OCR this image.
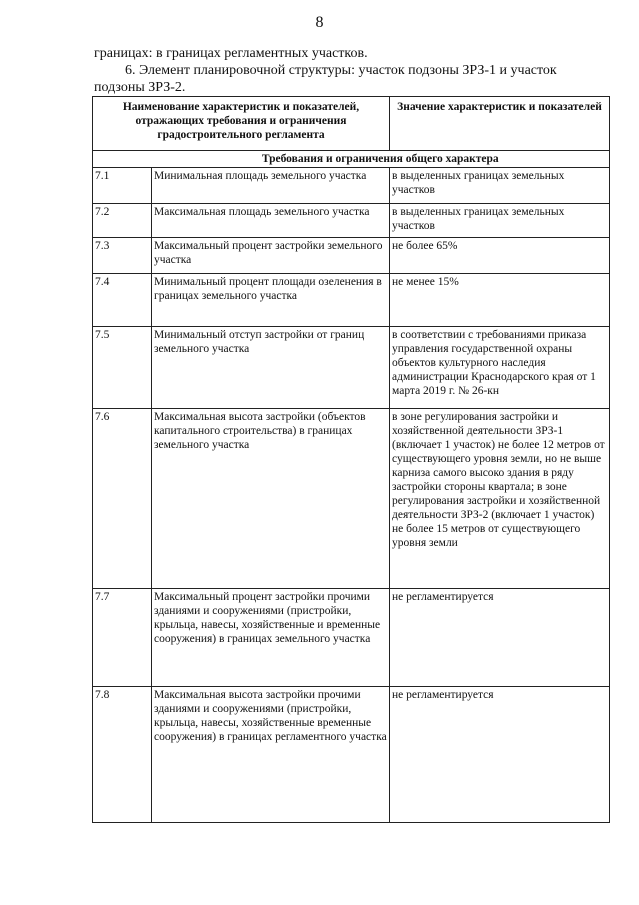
8
границах: в границах регламентных участков.
6. Элемент планировочной структуры: участок подзоны ЗРЗ-1 и участок
подзоны ЗРЗ-2.
Наименование характеристик и показателей, отражающих требования и ограничения градостроительного регламента		Значение характеристик и показателей
	Требования и ограничения общего характера	
7.1	Минимальная площадь земельного участка	в выделенных границах земельных участков
7.2	Максимальная площадь земельного участка	в выделенных границах земельных участков
7.3	Максимальный процент застройки земельного участка	не более 65%
7.4	Минимальный процент площади озеленения в границах земельного участка	не менее 15%
7.5	Минимальный отступ застройки от границ земельного участка	в соответствии с требованиями приказа управления государственной охраны объектов культурного наследия администрации Краснодарского края от 1 марта 2019 г. № 26-кн
7.6	Максимальная высота застройки (объектов капитального строительства) в границах земельного участка	в зоне регулирования застройки и хозяйственной деятельности ЗРЗ-1 (включает 1 участок) не более 12 метров от существующего уровня земли, но не выше карниза самого высоко здания в ряду застройки стороны квартала; в зоне регулирования застройки и хозяйственной деятельности ЗРЗ-2 (включает 1 участок) не более 15 метров от существующего уровня земли
7.7	Максимальный процент застройки прочими зданиями и сооружениями (пристройки, крыльца, навесы, хозяйственные и временные сооружения) в границах земельного участка	не регламентируется
7.8	Максимальная высота застройки прочими зданиями и сооружениями (пристройки, крыльца, навесы, хозяйственные временные сооружения) в границах регламентного участка	не регламентируется
